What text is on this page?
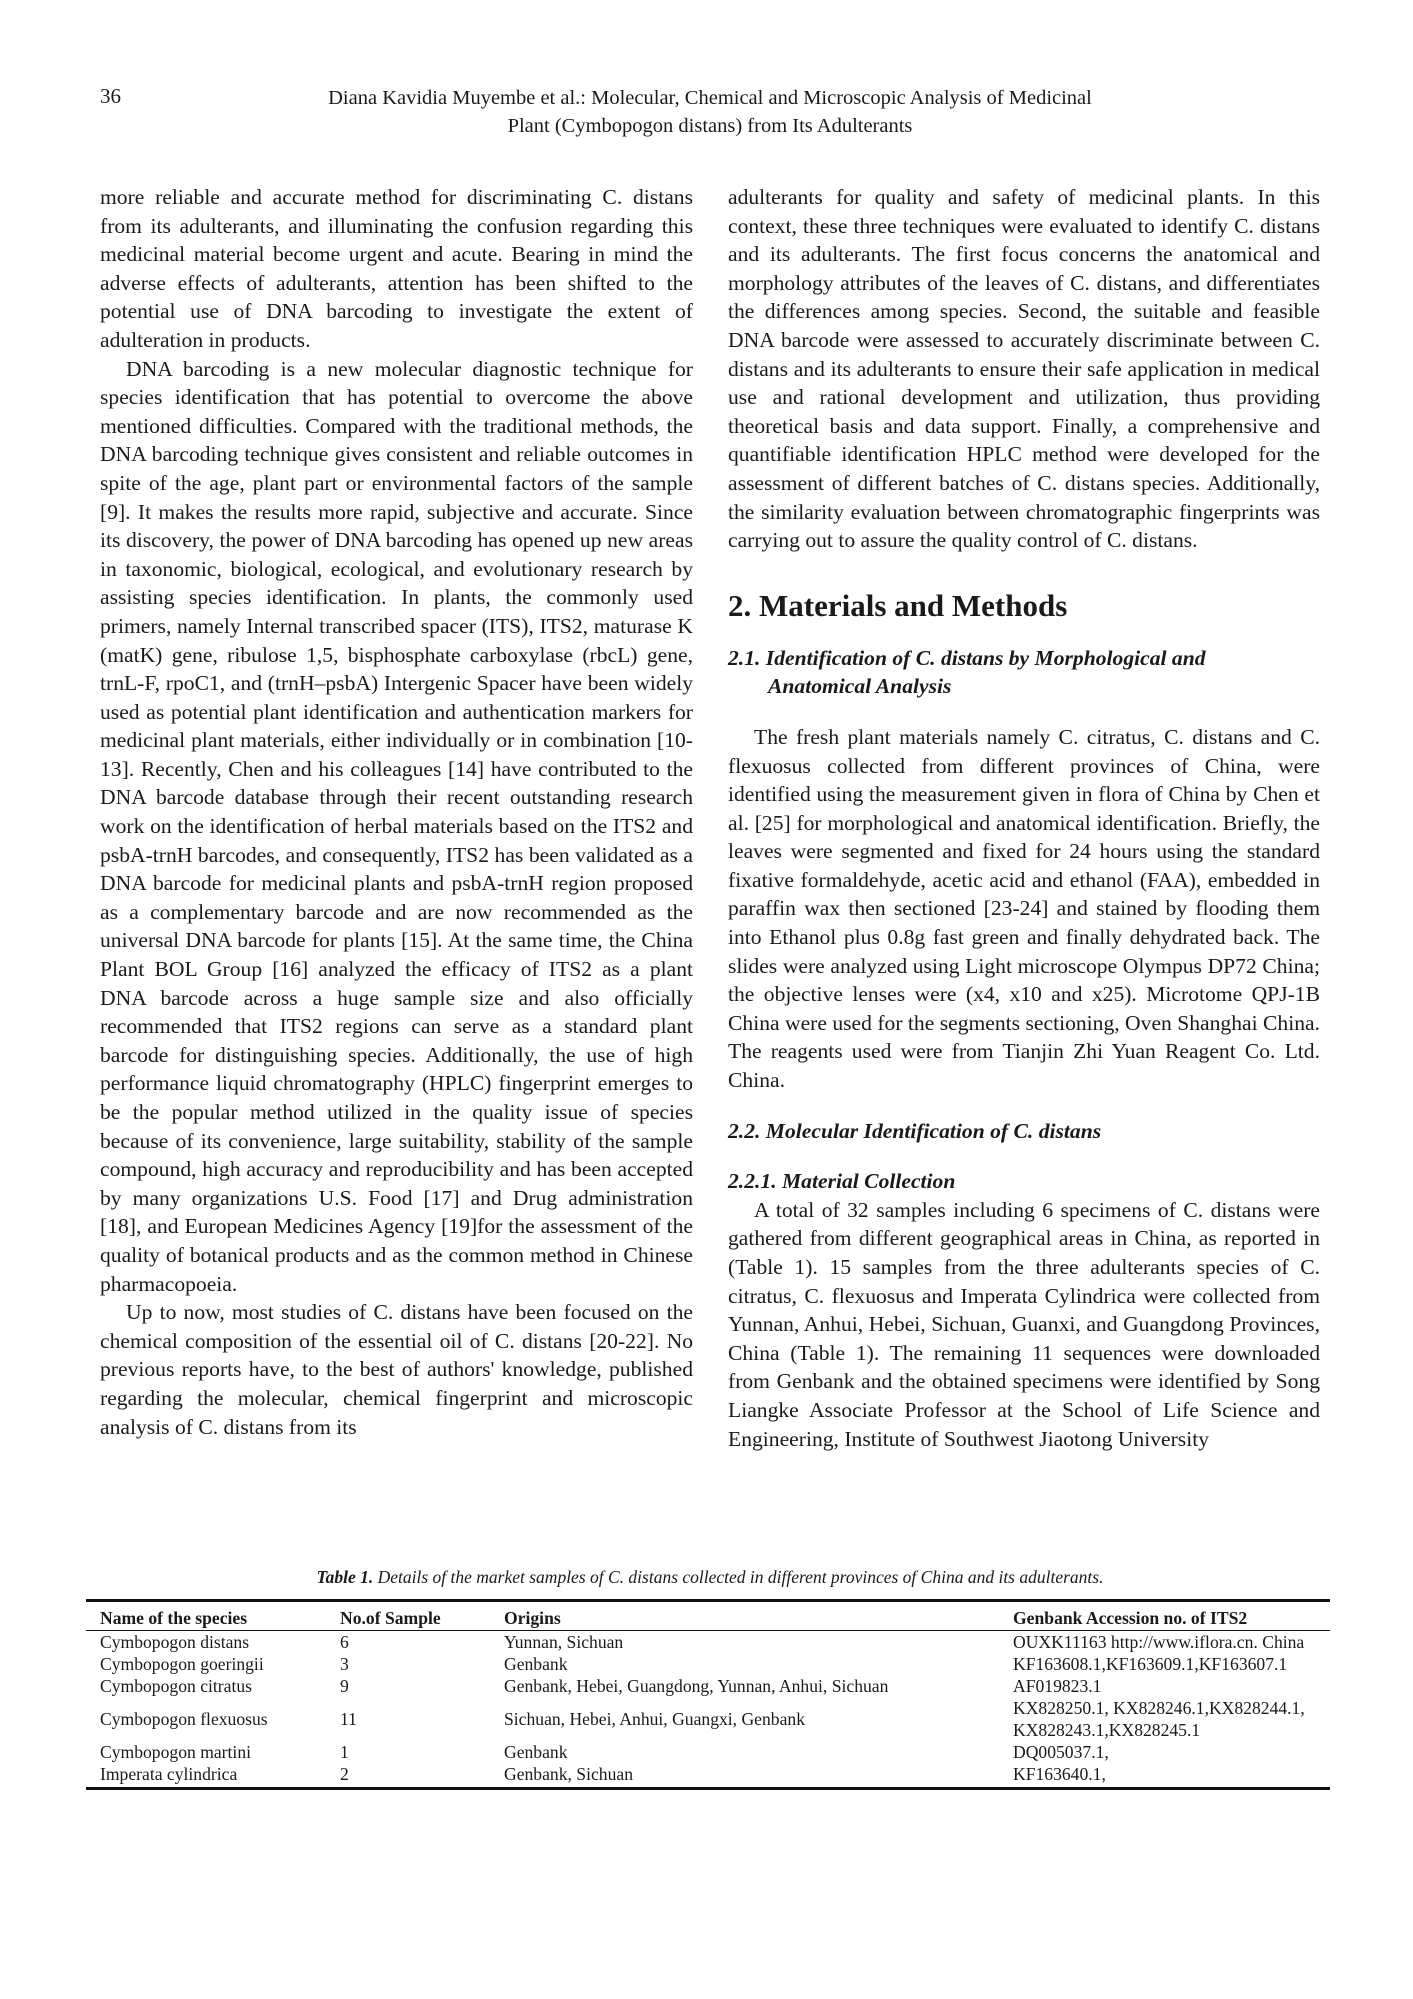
36	Diana Kavidia Muyembe et al.: Molecular, Chemical and Microscopic Analysis of Medicinal
Plant (Cymbopogon distans) from Its Adulterants

more reliable and accurate method for discriminating C. distans from its adulterants, and illuminating the confusion regarding this medicinal material become urgent and acute. Bearing in mind the adverse effects of adulterants, attention has been shifted to the potential use of DNA barcoding to investigate the extent of adulteration in products.

DNA barcoding is a new molecular diagnostic technique for species identification that has potential to overcome the above mentioned difficulties. Compared with the traditional methods, the DNA barcoding technique gives consistent and reliable outcomes in spite of the age, plant part or environmental factors of the sample [9]. It makes the results more rapid, subjective and accurate. Since its discovery, the power of DNA barcoding has opened up new areas in taxonomic, biological, ecological, and evolutionary research by assisting species identification. In plants, the commonly used primers, namely Internal transcribed spacer (ITS), ITS2, maturase K (matK) gene, ribulose 1,5, bisphosphate carboxylase (rbcL) gene, trnL-F, rpoC1, and (trnH–psbA) Intergenic Spacer have been widely used as potential plant identification and authentication markers for medicinal plant materials, either individually or in combination [10-13]. Recently, Chen and his colleagues [14] have contributed to the DNA barcode database through their recent outstanding research work on the identification of herbal materials based on the ITS2 and psbA-trnH barcodes, and consequently, ITS2 has been validated as a DNA barcode for medicinal plants and psbA-trnH region proposed as a complementary barcode and are now recommended as the universal DNA barcode for plants [15]. At the same time, the China Plant BOL Group [16] analyzed the efficacy of ITS2 as a plant DNA barcode across a huge sample size and also officially recommended that ITS2 regions can serve as a standard plant barcode for distinguishing species. Additionally, the use of high performance liquid chromatography (HPLC) fingerprint emerges to be the popular method utilized in the quality issue of species because of its convenience, large suitability, stability of the sample compound, high accuracy and reproducibility and has been accepted by many organizations U.S. Food [17] and Drug administration [18], and European Medicines Agency [19]for the assessment of the quality of botanical products and as the common method in Chinese pharmacopoeia.

Up to now, most studies of C. distans have been focused on the chemical composition of the essential oil of C. distans [20-22]. No previous reports have, to the best of authors' knowledge, published regarding the molecular, chemical fingerprint and microscopic analysis of C. distans from its

adulterants for quality and safety of medicinal plants. In this context, these three techniques were evaluated to identify C. distans and its adulterants. The first focus concerns the anatomical and morphology attributes of the leaves of C. distans, and differentiates the differences among species. Second, the suitable and feasible DNA barcode were assessed to accurately discriminate between C. distans and its adulterants to ensure their safe application in medical use and rational development and utilization, thus providing theoretical basis and data support. Finally, a comprehensive and quantifiable identification HPLC method were developed for the assessment of different batches of C. distans species. Additionally, the similarity evaluation between chromatographic fingerprints was carrying out to assure the quality control of C. distans.

2. Materials and Methods
2.1. Identification of C. distans by Morphological and
Anatomical Analysis

The fresh plant materials namely C. citratus, C. distans and C. flexuosus collected from different provinces of China, were identified using the measurement given in flora of China by Chen et al. [25] for morphological and anatomical identification. Briefly, the leaves were segmented and fixed for 24 hours using the standard fixative formaldehyde, acetic acid and ethanol (FAA), embedded in paraffin wax then sectioned [23-24] and stained by flooding them into Ethanol plus 0.8g fast green and finally dehydrated back. The slides were analyzed using Light microscope Olympus DP72 China; the objective lenses were (x4, x10 and x25). Microtome QPJ-1B China were used for the segments sectioning, Oven Shanghai China. The reagents used were from Tianjin Zhi Yuan Reagent Co. Ltd. China.

2.2. Molecular Identification of C. distans
2.2.1. Material Collection

A total of 32 samples including 6 specimens of C. distans were gathered from different geographical areas in China, as reported in (Table 1). 15 samples from the three adulterants species of C. citratus, C. flexuosus and Imperata Cylindrica were collected from Yunnan, Anhui, Hebei, Sichuan, Guanxi, and Guangdong Provinces, China (Table 1). The remaining 11 sequences were downloaded from Genbank and the obtained specimens were identified by Song Liangke Associate Professor at the School of Life Science and Engineering, Institute of Southwest Jiaotong University

Table 1. Details of the market samples of C. distans collected in different provinces of China and its adulterants.
Name of the species	No.of Sample	Origins	Genbank Accession no. of ITS2
Cymbopogon distans	6	Yunnan, Sichuan	OUXK11163 http://www.iflora.cn. China
Cymbopogon goeringii	3	Genbank	KF163608.1,KF163609.1,KF163607.1
Cymbopogon citratus	9	Genbank, Hebei, Guangdong, Yunnan, Anhui, Sichuan	AF019823.1
Cymbopogon flexuosus	11	Sichuan, Hebei, Anhui, Guangxi, Genbank	KX828250.1, KX828246.1,KX828244.1, KX828243.1,KX828245.1
Cymbopogon martini	1	Genbank	DQ005037.1,
Imperata cylindrica	2	Genbank, Sichuan	KF163640.1,
